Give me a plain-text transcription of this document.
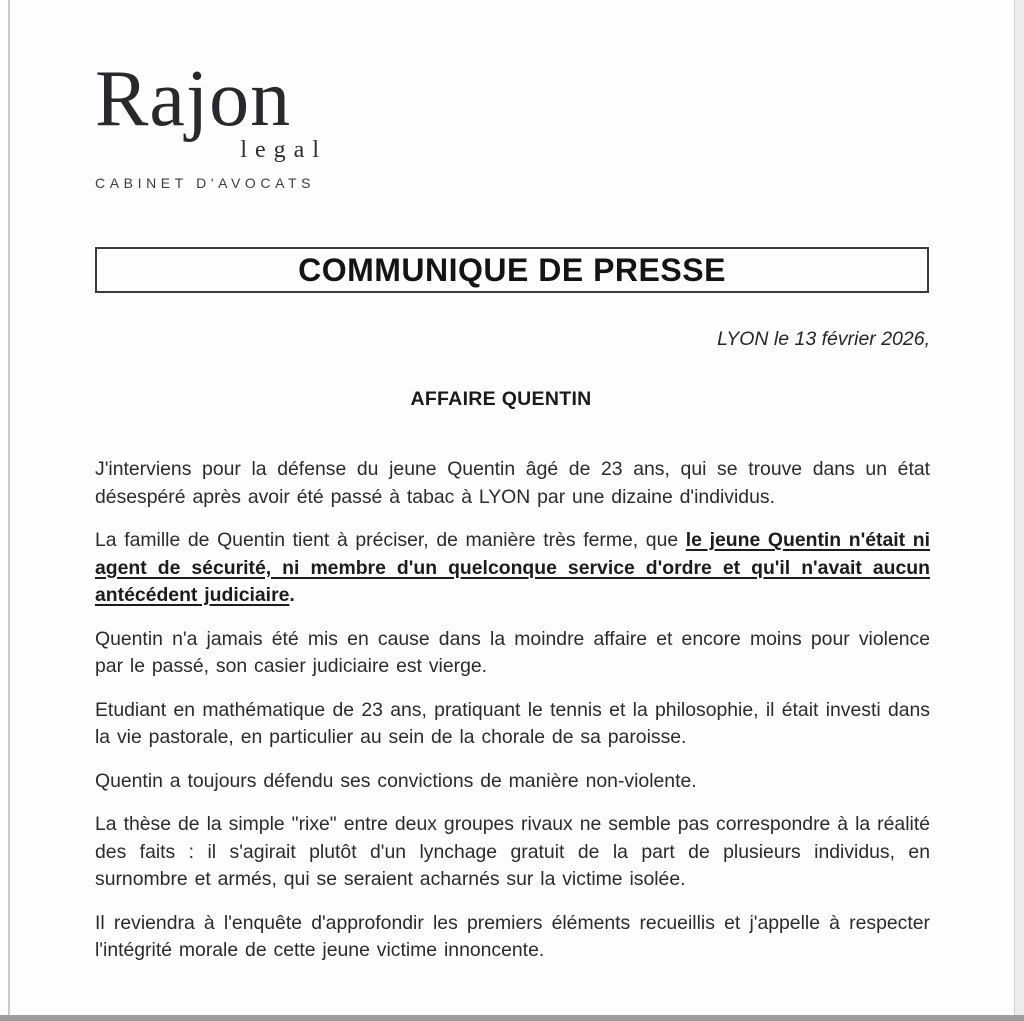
Rajon
legal
CABINET D'AVOCATS
COMMUNIQUE DE PRESSE
LYON le 13 février 2026,
AFFAIRE QUENTIN

J'interviens pour la défense du jeune Quentin âgé de 23 ans, qui se trouve dans un état désespéré après avoir été passé à tabac à LYON par une dizaine d'individus.

La famille de Quentin tient à préciser, de manière très ferme, que le jeune Quentin n'était ni agent de sécurité, ni membre d'un quelconque service d'ordre et qu'il n'avait aucun antécédent judiciaire.

Quentin n'a jamais été mis en cause dans la moindre affaire et encore moins pour violence par le passé, son casier judiciaire est vierge.

Etudiant en mathématique de 23 ans, pratiquant le tennis et la philosophie, il était investi dans la vie pastorale, en particulier au sein de la chorale de sa paroisse.

Quentin a toujours défendu ses convictions de manière non-violente.

La thèse de la simple "rixe" entre deux groupes rivaux ne semble pas correspondre à la réalité des faits : il s'agirait plutôt d'un lynchage gratuit de la part de plusieurs individus, en surnombre et armés, qui se seraient acharnés sur la victime isolée.

Il reviendra à l'enquête d'approfondir les premiers éléments recueillis et j'appelle à respecter l'intégrité morale de cette jeune victime innoncente.
